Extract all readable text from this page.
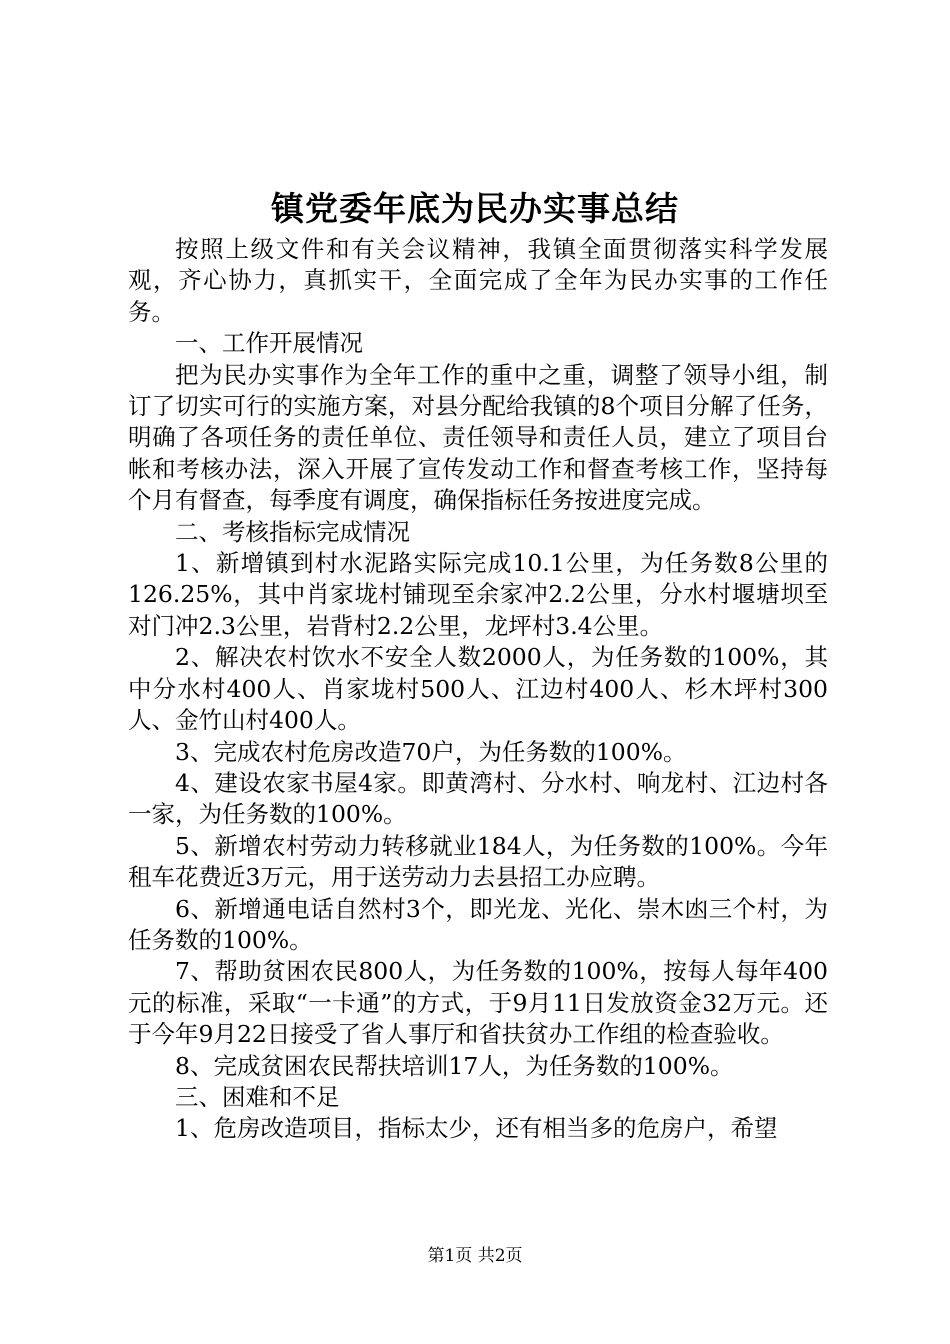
镇党委年底为民办实事总结

按照上级文件和有关会议精神，我镇全面贯彻落实科学发展观，齐心协力，真抓实干，全面完成了全年为民办实事的工作任务。

一、工作开展情况

把为民办实事作为全年工作的重中之重，调整了领导小组，制订了切实可行的实施方案，对县分配给我镇的8个项目分解了任务，明确了各项任务的责任单位、责任领导和责任人员，建立了项目台帐和考核办法，深入开展了宣传发动工作和督查考核工作，坚持每个月有督查，每季度有调度，确保指标任务按进度完成。

二、考核指标完成情况

1、新增镇到村水泥路实际完成10.1公里，为任务数8公里的126.25%，其中肖家垅村铺现至余家冲2.2公里，分水村堰塘坝至对门冲2.3公里，岩背村2.2公里，龙坪村3.4公里。

2、解决农村饮水不安全人数2000人，为任务数的100%，其中分水村400人、肖家垅村500人、江边村400人、杉木坪村300人、金竹山村400人。

3、完成农村危房改造70户，为任务数的100%。

4、建设农家书屋4家。即黄湾村、分水村、响龙村、江边村各一家，为任务数的100%。

5、新增农村劳动力转移就业184人，为任务数的100%。今年租车花费近3万元，用于送劳动力去县招工办应聘。

6、新增通电话自然村3个，即光龙、光化、崇木凼三个村，为任务数的100%。

7、帮助贫困农民800人，为任务数的100%，按每人每年400元的标准，采取“一卡通”的方式，于9月11日发放资金32万元。还于今年9月22日接受了省人事厅和省扶贫办工作组的检查验收。

8、完成贫困农民帮扶培训17人，为任务数的100%。

三、困难和不足

1、危房改造项目，指标太少，还有相当多的危房户，希望

第1页 共2页
